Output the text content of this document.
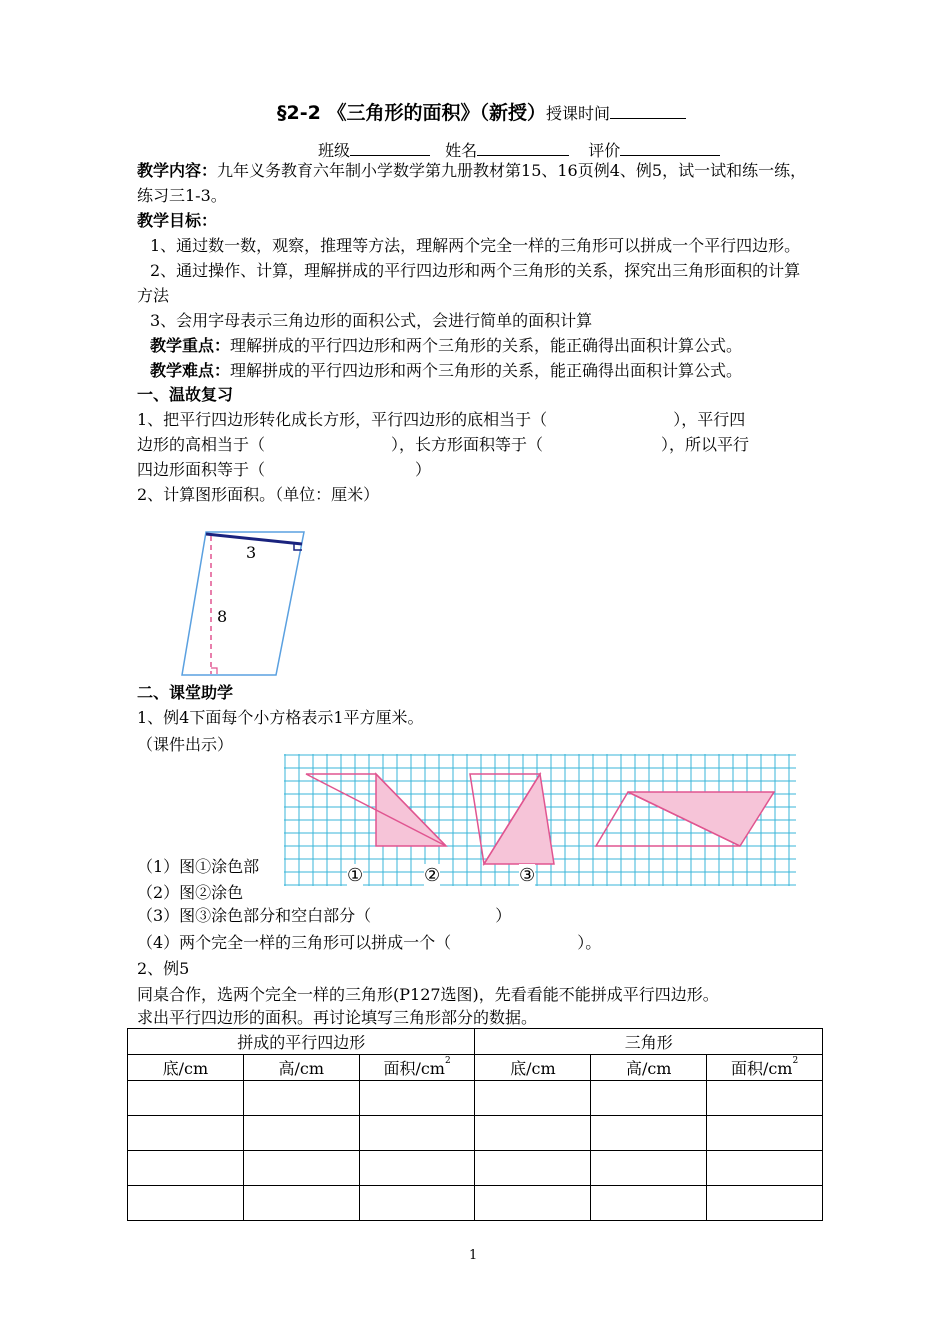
§2-2 《三角形的面积》（新授）授课时间
班级	姓名	评价
教学内容：九年义务教育六年制小学数学第九册教材第15、16页例4、例5，试一试和练一练，
练习三1-3。
教学目标：
1、通过数一数，观察，推理等方法，理解两个完全一样的三角形可以拼成一个平行四边形。
2、通过操作、计算，理解拼成的平行四边形和两个三角形的关系，探究出三角形面积的计算
方法
3、会用字母表示三角边形的面积公式，会进行简单的面积计算
教学重点：理解拼成的平行四边形和两个三角形的关系，能正确得出面积计算公式。
教学难点：理解拼成的平行四边形和两个三角形的关系，能正确得出面积计算公式。
一、温故复习
1、把平行四边形转化成长方形，平行四边形的底相当于（	），平行四
边形的高相当于（	），长方形面积等于（	），所以平行
四边形面积等于（	）
2、计算图形面积。（单位：厘米）
3
8
二、课堂助学
1、例4下面每个小方格表示1平方厘米。
（课件出示）
（1）图①涂色部
（2）图②涂色
①	②	③
（3）图③涂色部分和空白部分（	）
（4）两个完全一样的三角形可以拼成一个（	）。
2、例5
同桌合作，选两个完全一样的三角形(P127选图)，先看看能不能拼成平行四边形。
求出平行四边形的面积。再讨论填写三角形部分的数据。
拼成的平行四边形			三角形		
底/cm	高/cm	面积$/cm^2$	底/cm	高/cm	面积$/cm^2$

1
